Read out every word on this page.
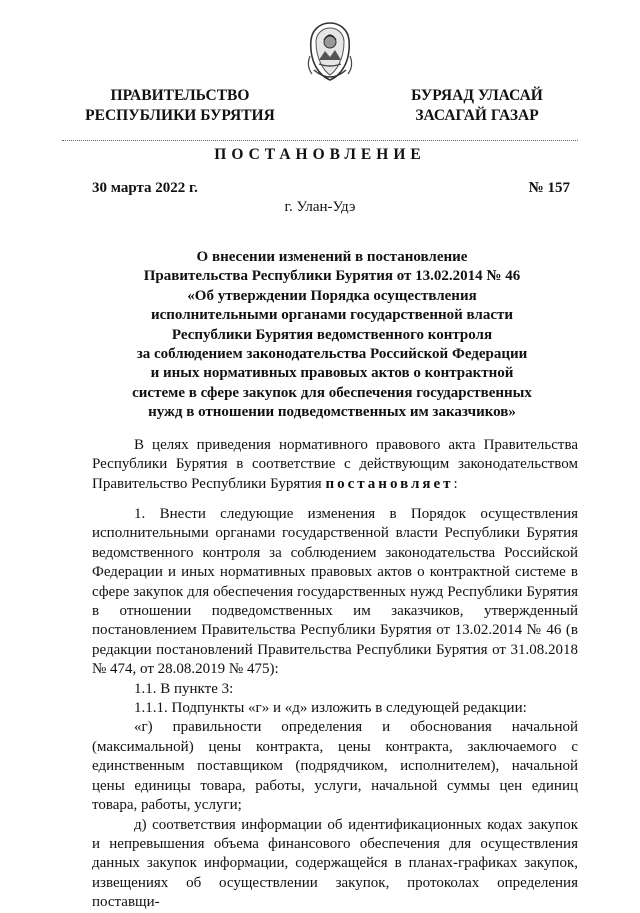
ПРАВИТЕЛЬСТВО
РЕСПУБЛИКИ БУРЯТИЯ
БУРЯАД УЛАСАЙ
ЗАСАГАЙ ГАЗАР
ПОСТАНОВЛЕНИЕ
30 марта 2022 г.	№ 157
г. Улан-Удэ
О внесении изменений в постановление
Правительства Республики Бурятия от 13.02.2014 № 46
«Об утверждении Порядка осуществления
исполнительными органами государственной власти
Республики Бурятия ведомственного контроля
за соблюдением законодательства Российской Федерации
и иных нормативных правовых актов о контрактной
системе в сфере закупок для обеспечения государственных
нужд в отношении подведомственных им заказчиков»
В целях приведения нормативного правового акта Правительства Республики Бурятия в соответствие с действующим законодательством Правительство Республики Бурятия постановляет:

1. Внести следующие изменения в Порядок осуществления исполнительными органами государственной власти Республики Бурятия ведомственного контроля за соблюдением законодательства Российской Федерации и иных нормативных правовых актов о контрактной системе в сфере закупок для обеспечения государственных нужд Республики Бурятия в отношении подведомственных им заказчиков, утвержденный постановлением Правительства Республики Бурятия от 13.02.2014 № 46 (в редакции постановлений Правительства Республики Бурятия от 31.08.2018 № 474, от 28.08.2019 № 475):

1.1. В пункте 3:

1.1.1. Подпункты «г» и «д» изложить в следующей редакции:

«г) правильности определения и обоснования начальной (максимальной) цены контракта, цены контракта, заключаемого с единственным поставщиком (подрядчиком, исполнителем), начальной цены единицы товара, работы, услуги, начальной суммы цен единиц товара, работы, услуги;

д) соответствия информации об идентификационных кодах закупок и непревышения объема финансового обеспечения для осуществления данных закупок информации, содержащейся в планах-графиках закупок, извещениях об осуществлении закупок, протоколах определения поставщи-
